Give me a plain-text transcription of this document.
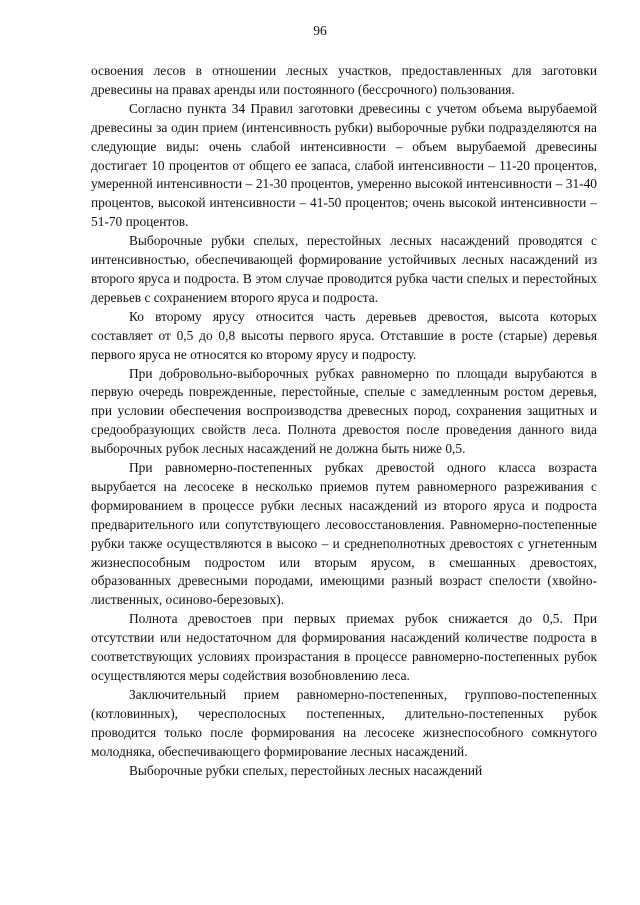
96

освоения лесов в отношении лесных участков, предоставленных для заготовки древесины на правах аренды или постоянного (бессрочного) пользования.

Согласно пункта 34 Правил заготовки древесины с учетом объема вырубаемой древесины за один прием (интенсивность рубки) выборочные рубки подразделяются на следующие виды: очень слабой интенсивности – объем вырубаемой древесины достигает 10 процентов от общего ее запаса, слабой интенсивности – 11-20 процентов, умеренной интенсивности – 21-30 процентов, умеренно высокой интенсивности – 31-40 процентов, высокой интенсивности – 41-50 процентов; очень высокой интенсивности – 51-70 процентов.

Выборочные рубки спелых, перестойных лесных насаждений проводятся с интенсивностью, обеспечивающей формирование устойчивых лесных насаждений из второго яруса и подроста. В этом случае проводится рубка части спелых и перестойных деревьев с сохранением второго яруса и подроста.

Ко второму ярусу относится часть деревьев древостоя, высота которых составляет от 0,5 до 0,8 высоты первого яруса. Отставшие в росте (старые) деревья первого яруса не относятся ко второму ярусу и подросту.

При добровольно-выборочных рубках равномерно по площади вырубаются в первую очередь поврежденные, перестойные, спелые с замедленным ростом деревья, при условии обеспечения воспроизводства древесных пород, сохранения защитных и средообразующих свойств леса. Полнота древостоя после проведения данного вида выборочных рубок лесных насаждений не должна быть ниже 0,5.

При равномерно-постепенных рубках древостой одного класса возраста вырубается на лесосеке в несколько приемов путем равномерного разреживания с формированием в процессе рубки лесных насаждений из второго яруса и подроста предварительного или сопутствующего лесовосстановления. Равномерно-постепенные рубки также осуществляются в высоко – и среднеполнотных древостоях с угнетенным жизнеспособным подростом или вторым ярусом, в смешанных древостоях, образованных древесными породами, имеющими разный возраст спелости (хвойно-лиственных, осиново-березовых).

Полнота древостоев при первых приемах рубок снижается до 0,5. При отсутствии или недостаточном для формирования насаждений количестве подроста в соответствующих условиях произрастания в процессе равномерно-постепенных рубок осуществляются меры содействия возобновлению леса.

Заключительный прием равномерно-постепенных, группово-постепенных (котловинных), чересполосных постепенных, длительно-постепенных рубок проводится только после формирования на лесосеке жизнеспособного сомкнутого молодняка, обеспечивающего формирование лесных насаждений.

Выборочные рубки спелых, перестойных лесных насаждений
